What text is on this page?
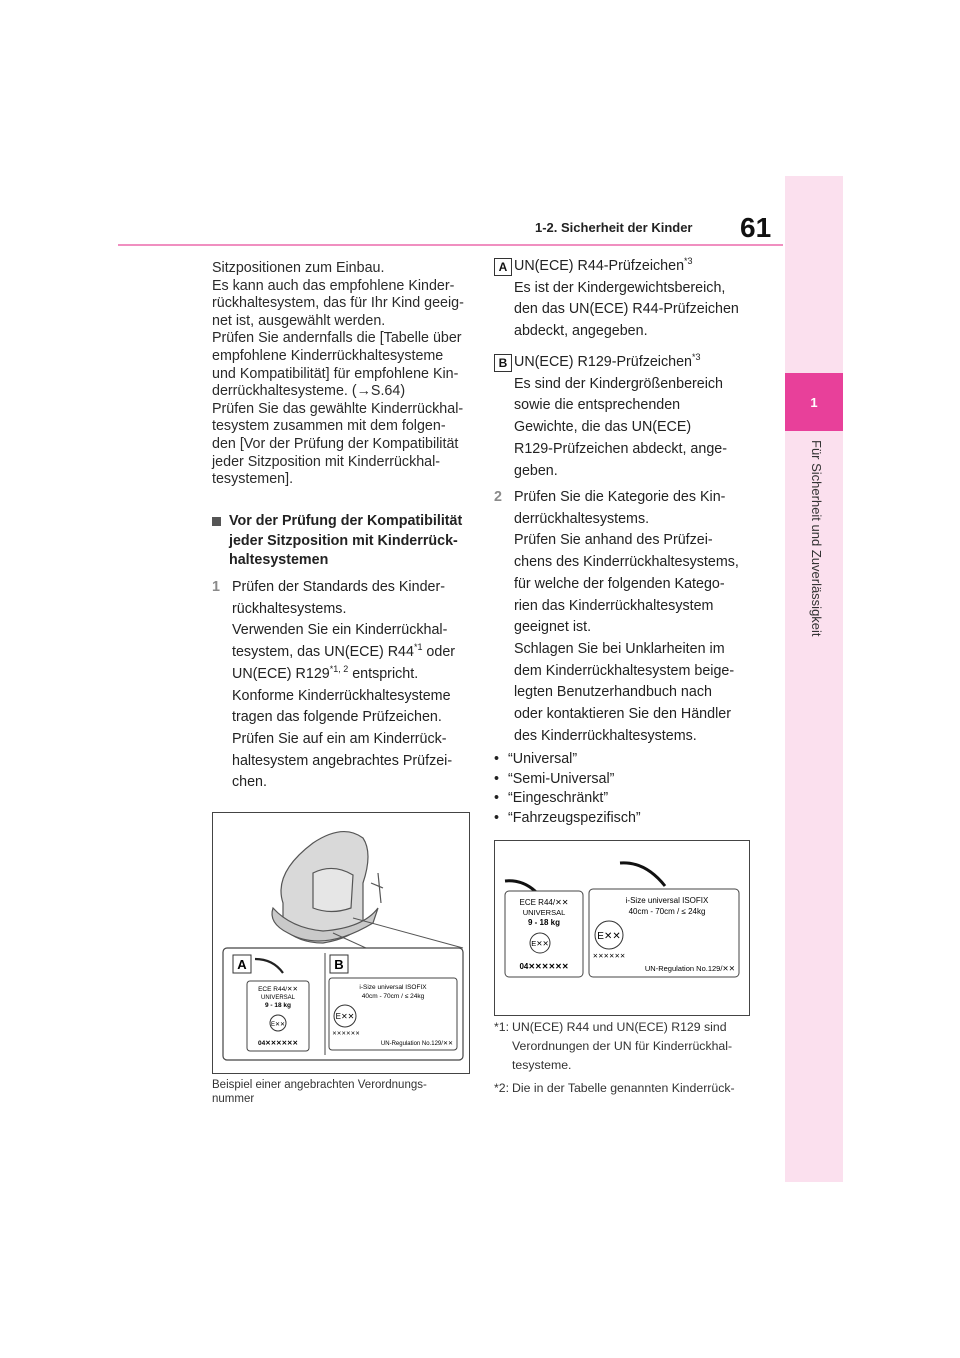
1-2. Sicherheit der Kinder 61
1
Für Sicherheit und Zuverlässigkeit
Sitzpositionen zum Einbau.
Es kann auch das empfohlene Kinder-
rückhaltesystem, das für Ihr Kind geeig-
net ist, ausgewählt werden.
Prüfen Sie andernfalls die [Tabelle über
empfohlene Kinderrückhaltesysteme
und Kompatibilität] für empfohlene Kin-
derrückhaltesysteme. (→S.64)
Prüfen Sie das gewählte Kinderrückhal-
tesystem zusammen mit dem folgen-
den [Vor der Prüfung der Kompatibilität
jeder Sitzposition mit Kinderrückhal-
tesystemen].
Vor der Prüfung der Kompatibilität
jeder Sitzposition mit Kinderrück-
haltesystemen
1 Prüfen der Standards des Kinder-
rückhaltesystems.
Verwenden Sie ein Kinderrückhal-
tesystem, das UN(ECE) R44$^{*1}$ oder
UN(ECE) R129$^{*1, 2}$ entspricht.
Konforme Kinderrückhaltesysteme
tragen das folgende Prüfzeichen.
Prüfen Sie auf ein am Kinderrück-
haltesystem angebrachtes Prüfzei-
chen.
A	B
ECE R44/✕✕
UNIVERSAL
9 - 18 kg
E✕✕
04✕✕✕✕✕✕
i-Size universal ISOFIX
40cm - 70cm / ≤ 24kg
E✕✕
✕✕✕✕✕✕
UN-Regulation No.129/✕✕
Beispiel einer angebrachten Verordnungs-
nummer
A UN(ECE) R44-Prüfzeichen$^{*3}$
Es ist der Kindergewichtsbereich,
den das UN(ECE) R44-Prüfzeichen
abdeckt, angegeben.
B UN(ECE) R129-Prüfzeichen$^{*3}$
Es sind der Kindergrößenbereich
sowie die entsprechenden
Gewichte, die das UN(ECE)
R129-Prüfzeichen abdeckt, ange-
geben.
2 Prüfen Sie die Kategorie des Kin-
derrückhaltesystems.
Prüfen Sie anhand des Prüfzei-
chens des Kinderrückhaltesystems,
für welche der folgenden Katego-
rien das Kinderrückhaltesystem
geeignet ist.
Schlagen Sie bei Unklarheiten im
dem Kinderrückhaltesystem beige-
legten Benutzerhandbuch nach
oder kontaktieren Sie den Händler
des Kinderrückhaltesystems.
• “Universal”
• “Semi-Universal”
• “Eingeschränkt”
• “Fahrzeugspezifisch”
ECE R44/✕✕
UNIVERSAL
9 - 18 kg
E✕✕
04✕✕✕✕✕✕
i-Size universal ISOFIX
40cm - 70cm / ≤ 24kg
E✕✕
✕✕✕✕✕✕
UN-Regulation No.129/✕✕
*1: UN(ECE) R44 und UN(ECE) R129 sind
Verordnungen der UN für Kinderrückhal-
tesysteme.
*2: Die in der Tabelle genannten Kinderrück-
